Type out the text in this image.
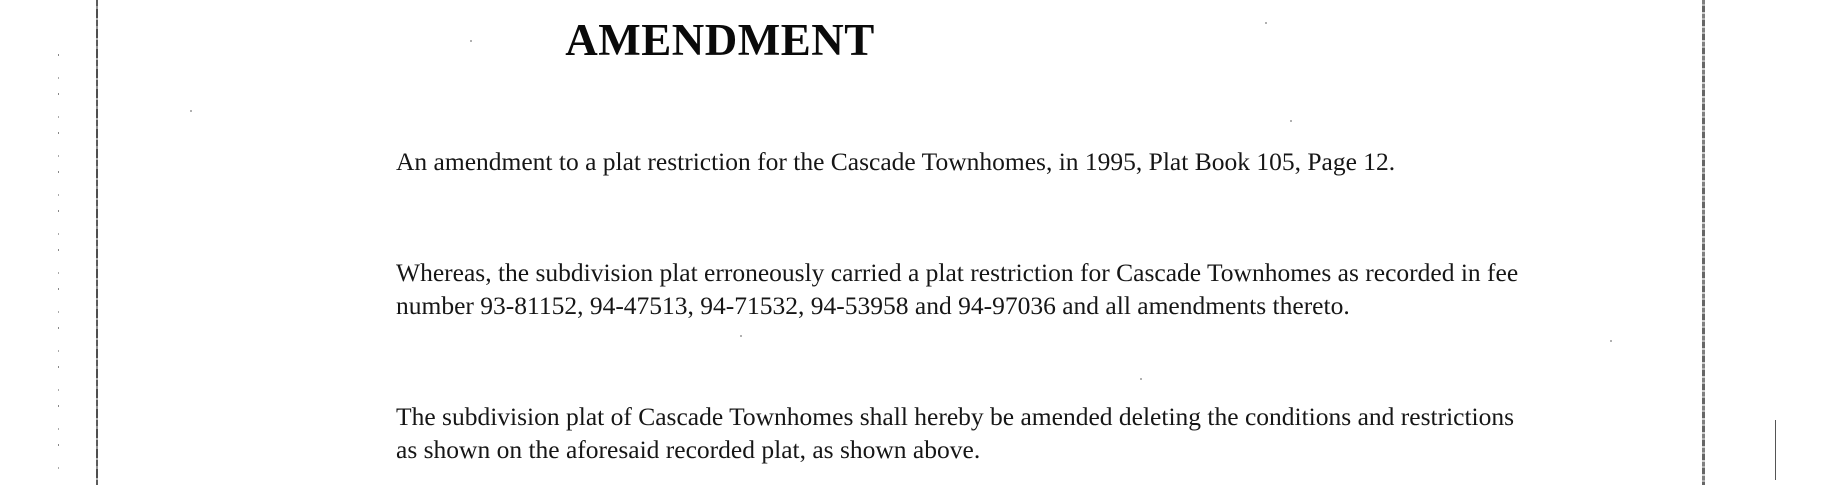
AMENDMENT
An amendment to a plat restriction for the Cascade Townhomes, in 1995, Plat Book 105, Page 12.
Whereas, the subdivision plat erroneously carried a plat restriction for Cascade Townhomes as recorded in fee number 93-81152, 94-47513, 94-71532, 94-53958 and 94-97036 and all amendments thereto.
The subdivision plat of Cascade Townhomes shall hereby be amended deleting the conditions and restrictions as shown on the aforesaid recorded plat, as shown above.
